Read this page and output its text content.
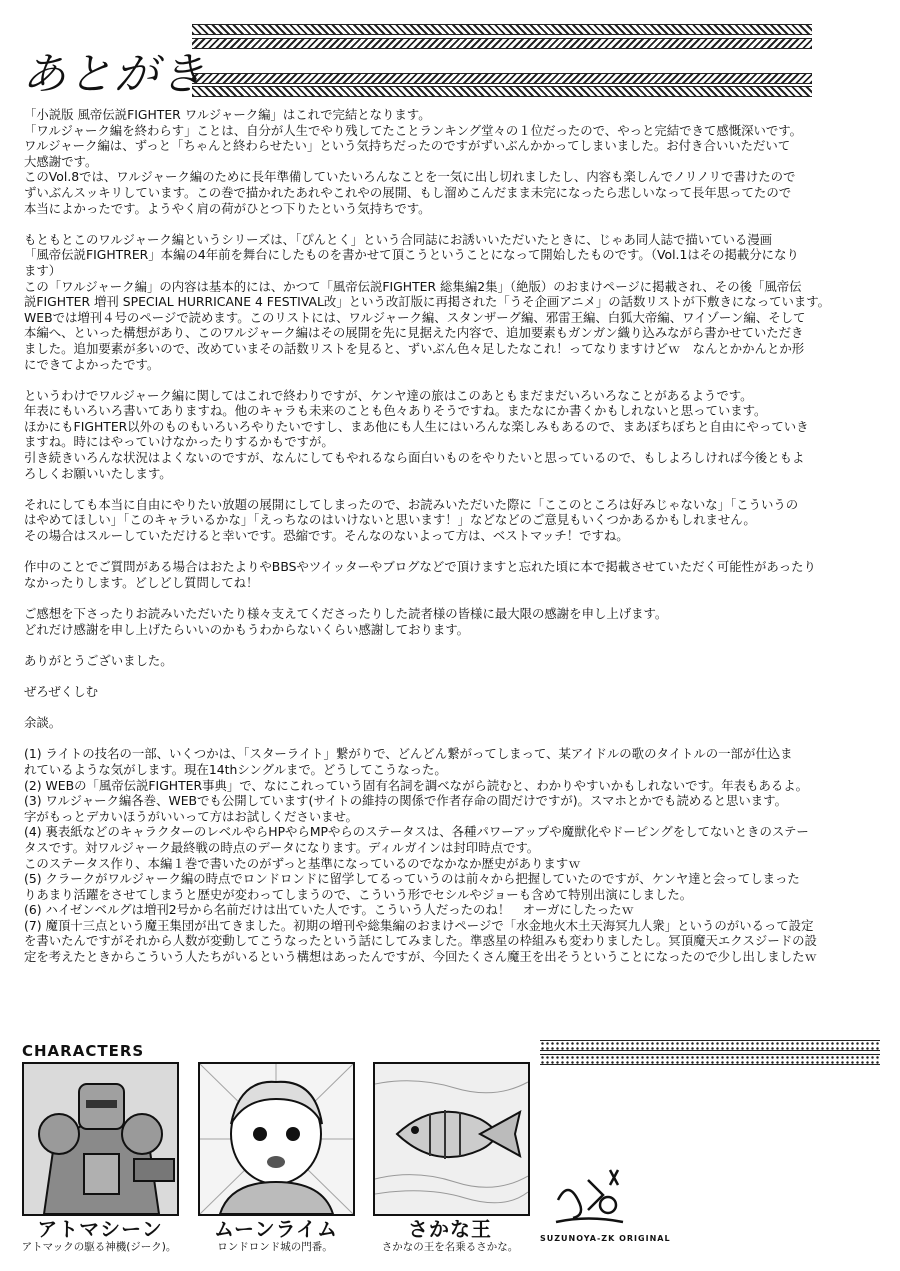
あとがき

「小説版 風帝伝説FIGHTER ワルジャーク編」はこれで完結となります。
「ワルジャーク編を終わらす」ことは、自分が人生でやり残してたことランキング堂々の１位だったので、やっと完結できて感慨深いです。
ワルジャーク編は、ずっと「ちゃんと終わらせたい」という気持ちだったのですがずいぶんかかってしまいました。お付き合いいただいて
大感謝です。
このVol.8では、ワルジャーク編のために長年準備していたいろんなことを一気に出し切れましたし、内容も楽しんでノリノリで書けたので
ずいぶんスッキリしています。この巻で描かれたあれやこれやの展開、もし溜めこんだまま未完になったら悲しいなって長年思ってたので
本当によかったです。ようやく肩の荷がひとつ下りたという気持ちです。

もともとこのワルジャーク編というシリーズは、「ぴんとく」という合同誌にお誘いいただいたときに、じゃあ同人誌で描いている漫画
「風帝伝説FIGHTRER」本編の4年前を舞台にしたものを書かせて頂こうということになって開始したものです。（Vol.1はその掲載分になり
ます）
この「ワルジャーク編」の内容は基本的には、かつて「風帝伝説FIGHTER 総集編2集」（絶版）のおまけページに掲載され、その後「風帝伝
説FIGHTER 増刊 SPECIAL HURRICANE 4 FESTIVAL改」という改訂版に再掲された「うそ企画アニメ」の話数リストが下敷きになっています。
WEBでは増刊４号のページで読めます。このリストには、ワルジャーク編、スタンザーグ編、邪雷王編、白狐大帝編、ワイゾーン編、そして
本編へ、といった構想があり、このワルジャーク編はその展開を先に見据えた内容で、追加要素もガンガン織り込みながら書かせていただき
ました。追加要素が多いので、改めていまその話数リストを見ると、ずいぶん色々足したなこれ！ってなりますけどｗ　なんとかかんとか形
にできてよかったです。

というわけでワルジャーク編に関してはこれで終わりですが、ケンヤ達の旅はこのあともまだまだいろいろなことがあるようです。
年表にもいろいろ書いてありますね。他のキャラも未来のことも色々ありそうですね。またなにか書くかもしれないと思っています。
ほかにもFIGHTER以外のものもいろいろやりたいですし、まあ他にも人生にはいろんな楽しみもあるので、まあぼちぼちと自由にやっていき
ますね。時にはやっていけなかったりするかもですが。
引き続きいろんな状況はよくないのですが、なんにしてもやれるなら面白いものをやりたいと思っているので、もしよろしければ今後ともよ
ろしくお願いいたします。

それにしても本当に自由にやりたい放題の展開にしてしまったので、お読みいただいた際に「ここのところは好みじゃないな」「こういうの
はやめてほしい」「このキャラいるかな」「えっちなのはいけないと思います！」などなどのご意見もいくつかあるかもしれません。
その場合はスルーしていただけると幸いです。恐縮です。そんなのないよって方は、ベストマッチ！ですね。

作中のことでご質問がある場合はおたよりやBBSやツイッターやブログなどで頂けますと忘れた頃に本で掲載させていただく可能性があったり
なかったりします。どしどし質問してね！

ご感想を下さったりお読みいただいたり様々支えてくださったりした読者様の皆様に最大限の感謝を申し上げます。
どれだけ感謝を申し上げたらいいのかもうわからないくらい感謝しております。

ありがとうございました。

ぜろぜくしむ

余談。

(1) ライトの技名の一部、いくつかは、「スターライト」繋がりで、どんどん繋がってしまって、某アイドルの歌のタイトルの一部が仕込ま
れているような気がします。現在14thシングルまで。どうしてこうなった。
(2) WEBの「風帝伝説FIGHTER事典」で、なにこれっていう固有名詞を調べながら読むと、わかりやすいかもしれないです。年表もあるよ。
(3) ワルジャーク編各巻、WEBでも公開しています(サイトの維持の関係で作者存命の間だけですが)。スマホとかでも読めると思います。
字がもっとデカいほうがいいって方はお試しくださいませ。
(4) 裏表紙などのキャラクターのレベルやらHPやらMPやらのステータスは、各種パワーアップや魔獣化やドーピングをしてないときのステー
タスです。対ワルジャーク最終戦の時点のデータになります。ディルガインは封印時点です。
このステータス作り、本編１巻で書いたのがずっと基準になっているのでなかなか歴史がありますｗ
(5) クラークがワルジャーク編の時点でロンドロンドに留学してるっていうのは前々から把握していたのですが、ケンヤ達と会ってしまった
りあまり活躍をさせてしまうと歴史が変わってしまうので、こういう形でセシルやジョーも含めて特別出演にしました。
(6) ハイゼンベルグは増刊2号から名前だけは出ていた人です。こういう人だったのね！　オーガにしたったｗ
(7) 魔頂十三点という魔王集団が出てきました。初期の増刊や総集編のおまけページで「水金地火木土天海冥九人衆」というのがいるって設定
を書いたんですがそれから人数が変動してこうなったという話にしてみました。準惑星の枠組みも変わりましたし。冥頂魔天エクスジードの設
定を考えたときからこういう人たちがいるという構想はあったんですが、今回たくさん魔王を出そうということになったので少し出しましたｗ

CHARACTERS
アトマシーン
アトマックの駆る神機(ジーク)。
ムーンライム
ロンドロンド城の門番。
さかな王
さかなの王を名乗るさかな。
SUZUNOYA-ZK ORIGINAL
